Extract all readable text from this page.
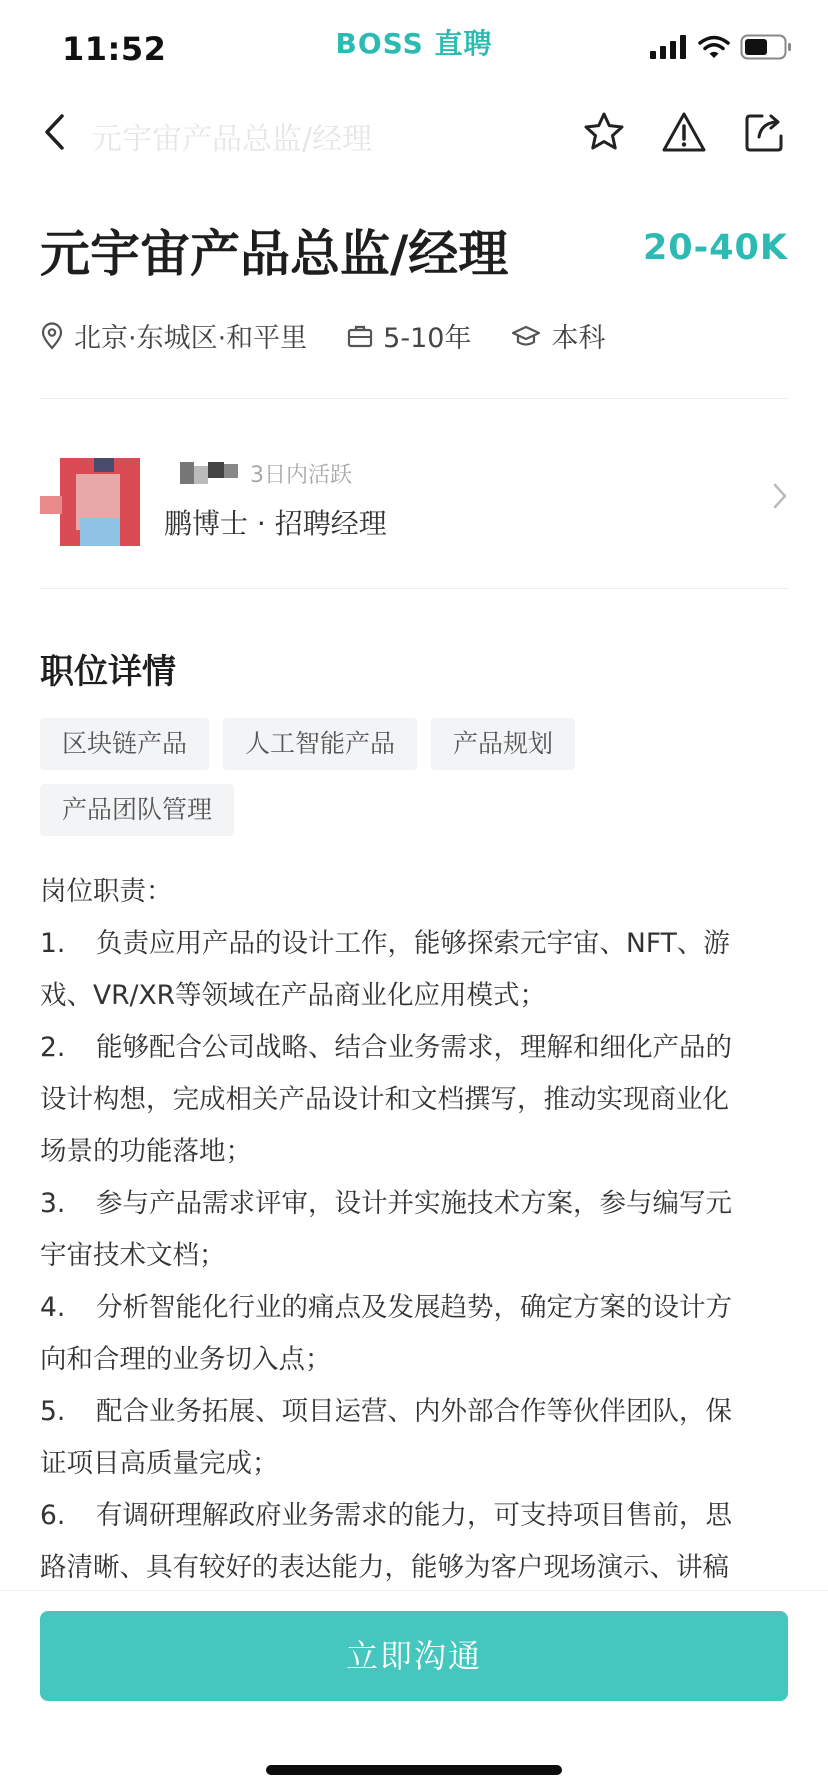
11:52	BOSS 直聘
元宇宙产品总监/经理
元宇宙产品总监/经理	20-40K
北京·东城区·和平里	5-10年	本科
3日内活跃
鹏博士 · 招聘经理
职位详情
区块链产品	人工智能产品	产品规划
产品团队管理
岗位职责：
1. 负责应用产品的设计工作，能够探索元宇宙、NFT、游
戏、VR/XR等领域在产品商业化应用模式；
2. 能够配合公司战略、结合业务需求，理解和细化产品的
设计构想，完成相关产品设计和文档撰写，推动实现商业化
场景的功能落地；
3. 参与产品需求评审，设计并实施技术方案，参与编写元
宇宙技术文档；
4. 分析智能化行业的痛点及发展趋势，确定方案的设计方
向和合理的业务切入点；
5. 配合业务拓展、项目运营、内外部合作等伙伴团队，保
证项目高质量完成；
6. 有调研理解政府业务需求的能力，可支持项目售前，思
路清晰、具有较好的表达能力，能够为客户现场演示、讲稿
立即沟通
